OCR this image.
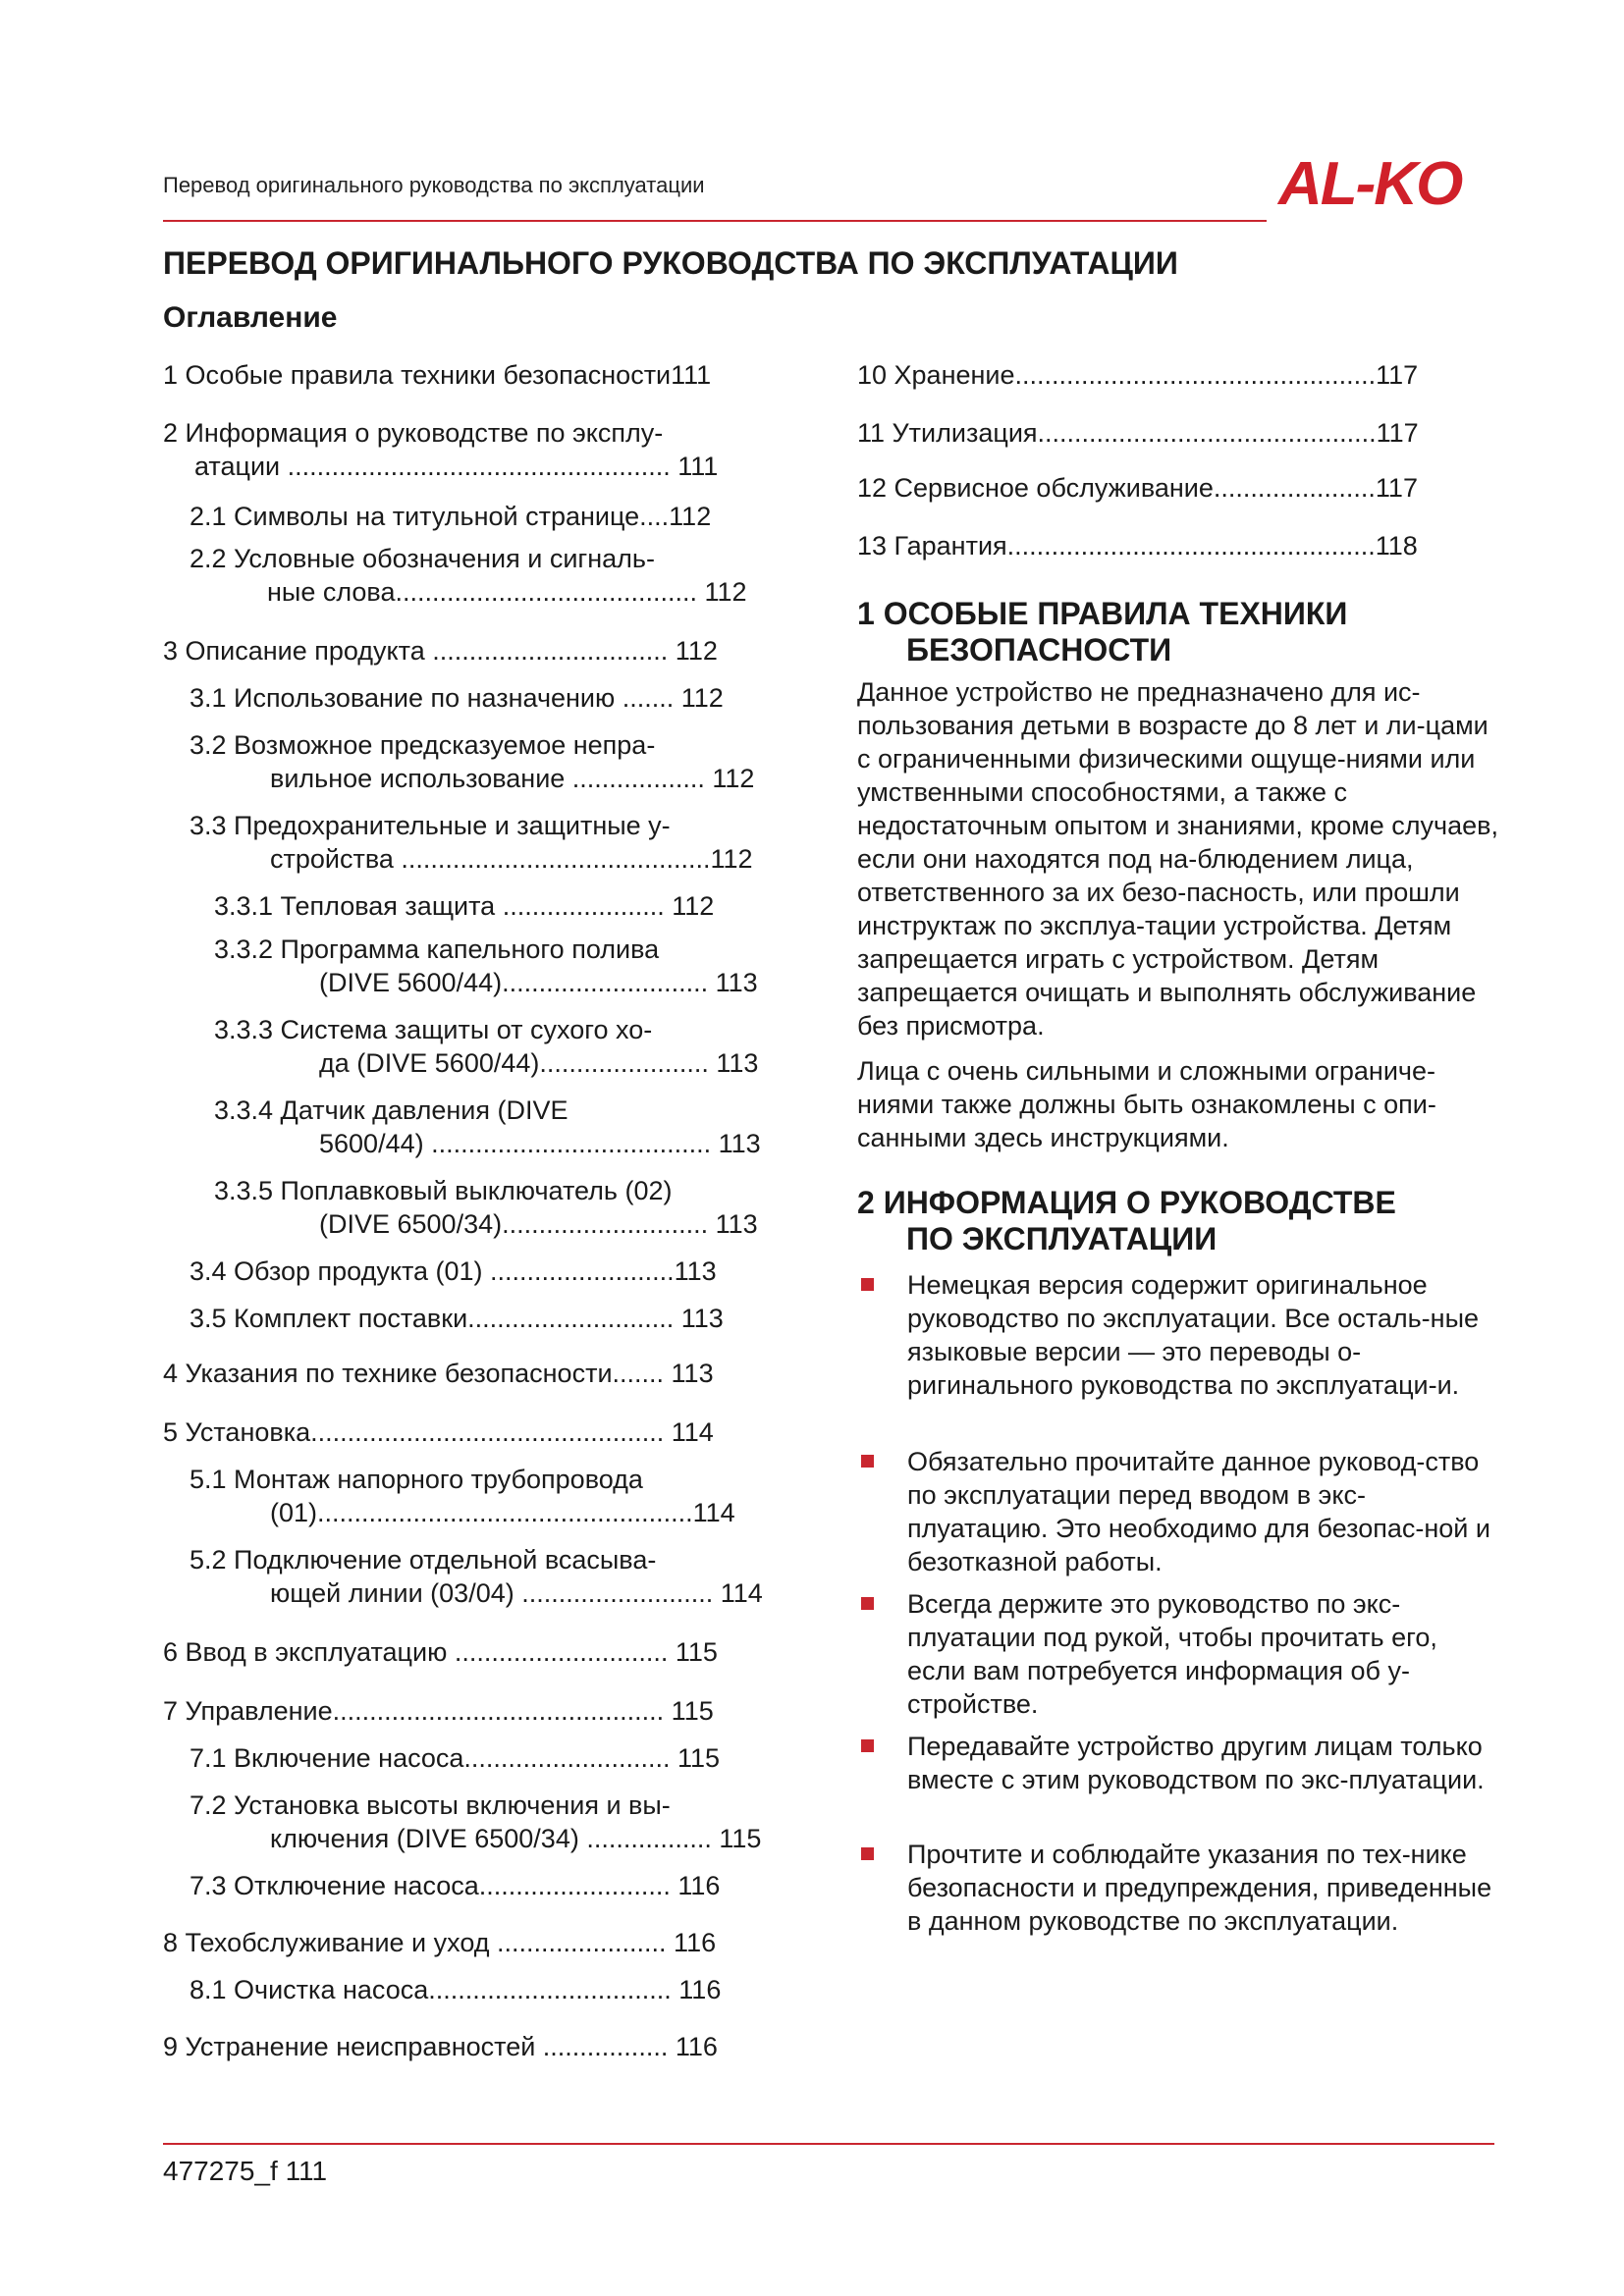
Перевод оригинального руководства по эксплуатации	AL-KO
ПЕРЕВОД ОРИГИНАЛЬНОГО РУКОВОДСТВА ПО ЭКСПЛУАТАЦИИ
Оглавление
1 Особые правила техники безопасности111
2 Информация о руководстве по эксплу-
атации .................................................... 111
2.1 Символы на титульной странице....112
2.2 Условные обозначения и сигналь-
ные слова......................................... 112
3 Описание продукта ................................ 112
3.1 Использование по назначению ....... 112
3.2 Возможное предсказуемое непра-
вильное использование .................. 112
3.3 Предохранительные и защитные у-
стройства ..........................................112
3.3.1 Тепловая защита ...................... 112
3.3.2 Программа капельного полива
(DIVE 5600/44)............................ 113
3.3.3 Система защиты от сухого хо-
да (DIVE 5600/44)....................... 113
3.3.4 Датчик давления (DIVE
5600/44) ...................................... 113
3.3.5 Поплавковый выключатель (02)
(DIVE 6500/34)............................ 113
3.4 Обзор продукта (01) .........................113
3.5 Комплект поставки............................ 113
4 Указания по технике безопасности....... 113
5 Установка................................................ 114
5.1 Монтаж напорного трубопровода
(01)...................................................114
5.2 Подключение отдельной всасыва-
ющей линии (03/04) .......................... 114
6 Ввод в эксплуатацию ............................. 115
7 Управление............................................. 115
7.1 Включение насоса............................ 115
7.2 Установка высоты включения и вы-
ключения (DIVE 6500/34) ................. 115
7.3 Отключение насоса.......................... 116
8 Техобслуживание и уход ....................... 116
8.1 Очистка насоса................................. 116
9 Устранение неисправностей ................. 116
10 Хранение.................................................117
11 Утилизация..............................................117
12 Сервисное обслуживание......................117
13 Гарантия..................................................118
1 ОСОБЫЕ ПРАВИЛА ТЕХНИКИ
БЕЗОПАСНОСТИ
Данное устройство не предназначено для ис-пользования детьми в возрасте до 8 лет и ли-цами с ограниченными физическими ощуще-ниями или умственными способностями, а также с недостаточным опытом и знаниями, кроме случаев, если они находятся под на-блюдением лица, ответственного за их безо-пасность, или прошли инструктаж по эксплуа-тации устройства. Детям запрещается играть с устройством. Детям запрещается очищать и выполнять обслуживание без присмотра.
Лица с очень сильными и сложными ограниче-ниями также должны быть ознакомлены с опи-санными здесь инструкциями.
2 ИНФОРМАЦИЯ О РУКОВОДСТВЕ
ПО ЭКСПЛУАТАЦИИ
Немецкая версия содержит оригинальное руководство по эксплуатации. Все осталь-ные языковые версии — это переводы о-ригинального руководства по эксплуатаци-и.
Обязательно прочитайте данное руковод-ство по эксплуатации перед вводом в экс-плуатацию. Это необходимо для безопас-ной и безотказной работы.
Всегда держите это руководство по экс-плуатации под рукой, чтобы прочитать его, если вам потребуется информация об у-стройстве.
Передавайте устройство другим лицам только вместе с этим руководством по экс-плуатации.
Прочтите и соблюдайте указания по тех-нике безопасности и предупреждения, приведенные в данном руководстве по эксплуатации.
477275_f 111
